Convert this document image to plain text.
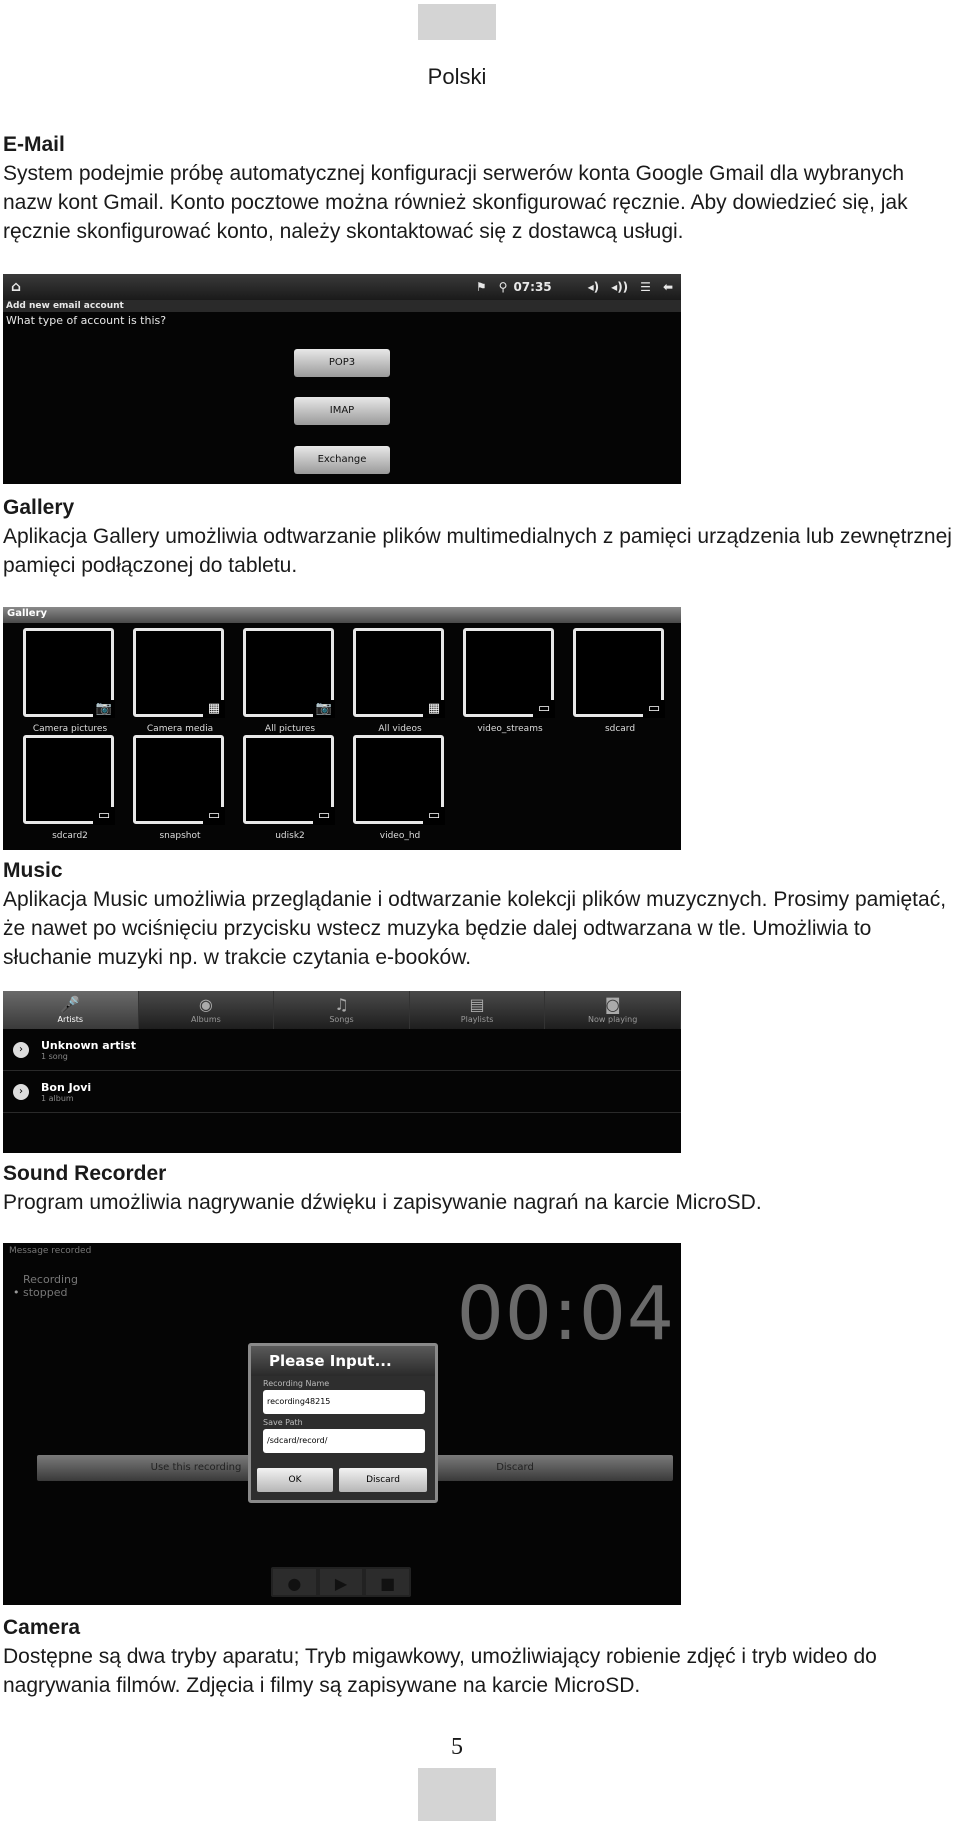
Polski
E-Mail

System podejmie próbę automatycznej konfiguracji serwerów konta Google Gmail dla wybranych nazw kont Gmail. Konto pocztowe można również skonfigurować ręcznie. Aby dowiedzieć się, jak ręcznie skonfigurować konto, należy skontaktować się z dostawcą usługi.

⌂	⚑ ⚲ 07:35	◂) ◂)) ☰ ⬅
Add new email account
What type of account is this?
POP3
IMAP
Exchange
Gallery

Aplikacja Gallery umożliwia odtwarzanie plików multimedialnych z pamięci urządzenia lub zewnętrznej pamięci podłączonej do tabletu.

Gallery
📷
Camera pictures
▦
Camera media
📷
All pictures
▦
All videos
▭
video_streams
▭
sdcard
▭
sdcard2
▭
snapshot
▭
udisk2
▭
video_hd
Music

Aplikacja Music umożliwia przeglądanie i odtwarzanie kolekcji plików muzycznych. Prosimy pamiętać, że nawet po wciśnięciu przycisku wstecz muzyka będzie dalej odtwarzana w tle. Umożliwia to słuchanie muzyki np. w trakcie czytania e-booków.

🎤
Artists
◉
Albums
♫
Songs
▤
Playlists
◙
Now playing
›	Unknown artist
1 song
›	Bon Jovi
1 album
Sound Recorder

Program umożliwia nagrywanie dźwięku i zapisywanie nagrań na karcie MicroSD.

Message recorded
• Recording stopped	00:04
Use this recording	Discard
Please Input...
Recording Name
recording48215
Save Path
/sdcard/record/
OK	Discard
●	▶	■
Camera

Dostępne są dwa tryby aparatu; Tryb migawkowy, umożliwiający robienie zdjęć i tryb wideo do nagrywania filmów. Zdjęcia i filmy są zapisywane na karcie MicroSD.

5
